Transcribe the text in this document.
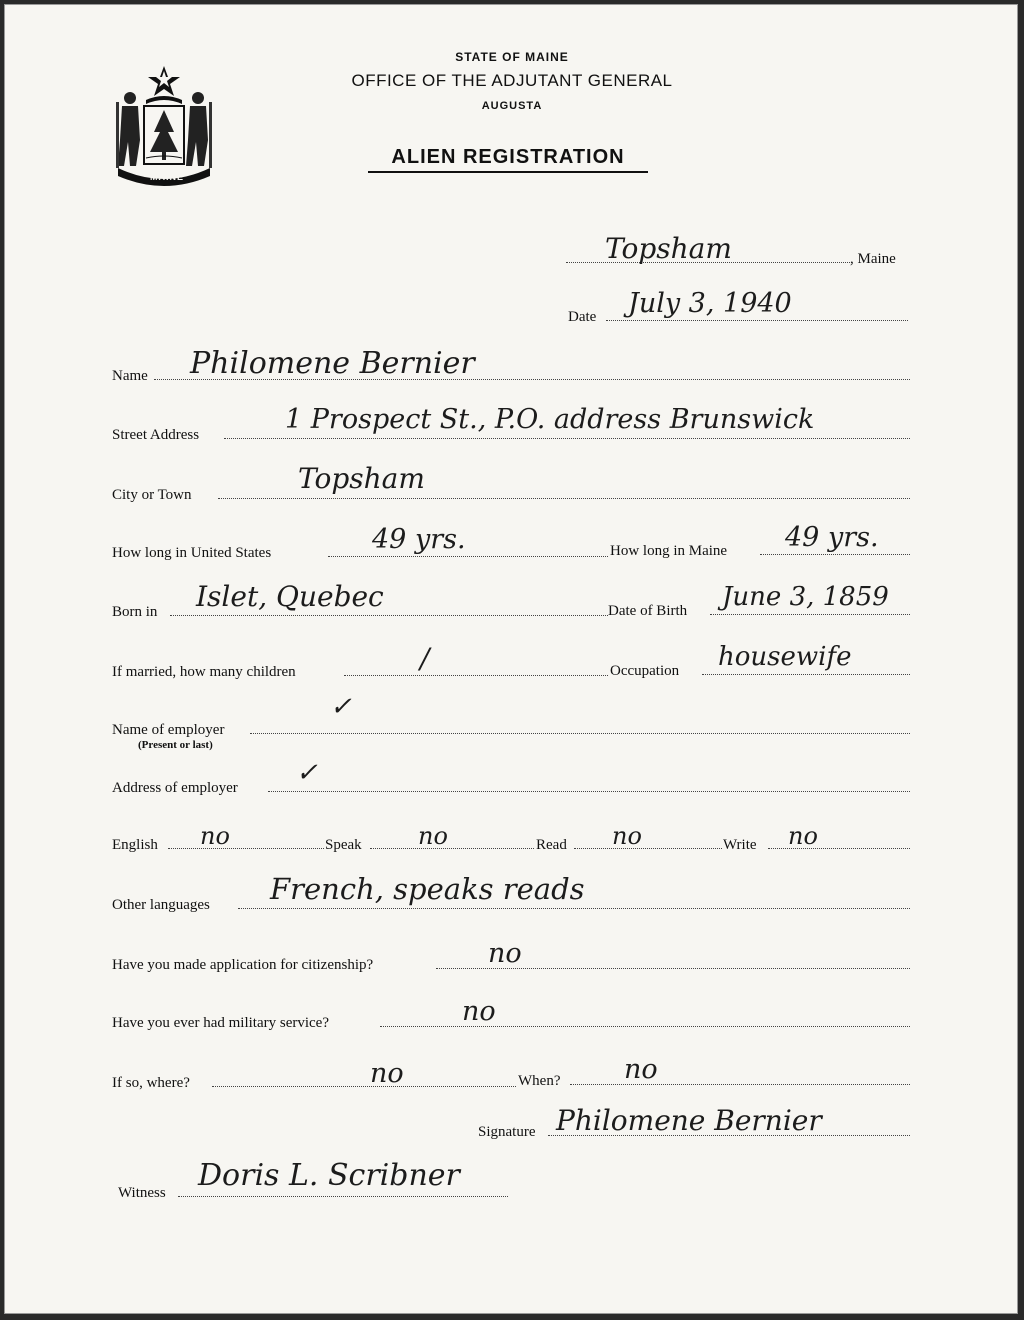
STATE OF MAINE
OFFICE OF THE ADJUTANT GENERAL
AUGUSTA
ALIEN REGISTRATION
MAINE
Topsham	, Maine
Date July 3, 1940
Name Philomene Bernier
Street Address	1 Prospect St., P.O. address Brunswick
City or Town	Topsham
How long in United States	49 yrs.	How long in Maine 49 yrs.
Born in Islet, Quebec	Date of Birth June 3, 1859
If married, how many children	/	Occupation housewife
Name of employer
(Present or last)
✓
Address of employer ✓
English no	Speak no	Read no	Write no
Other languages French, speaks reads
Have you made application for citizenship?	no
Have you ever had military service?	no
If so, where?	no	When? no
Signature Philomene Bernier
Witness Doris L. Scribner
